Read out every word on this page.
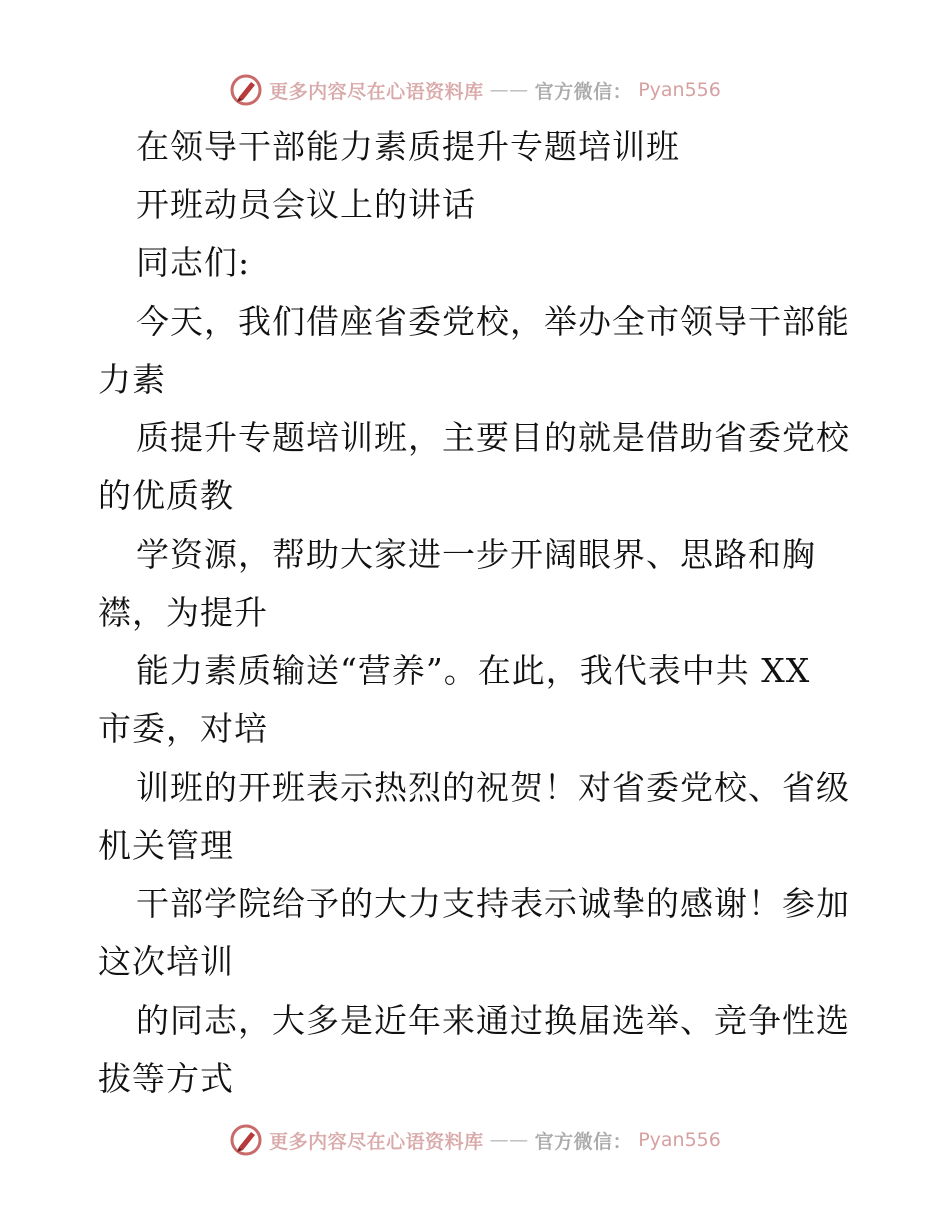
更多内容尽在心语资料库 —— 官方微信： Pyan556
在领导干部能力素质提升专题培训班
开班动员会议上的讲话
同志们:
今天，我们借座省委党校，举办全市领导干部能
力素
质提升专题培训班，主要目的就是借助省委党校
的优质教
学资源，帮助大家进一步开阔眼界、思路和胸
襟，为提升
能力素质输送“营养”。在此，我代表中共 XX
市委，对培
训班的开班表示热烈的祝贺！对省委党校、省级
机关管理
干部学院给予的大力支持表示诚挚的感谢！参加
这次培训
的同志，大多是近年来通过换届选举、竞争性选
拔等方式
更多内容尽在心语资料库 —— 官方微信： Pyan556
